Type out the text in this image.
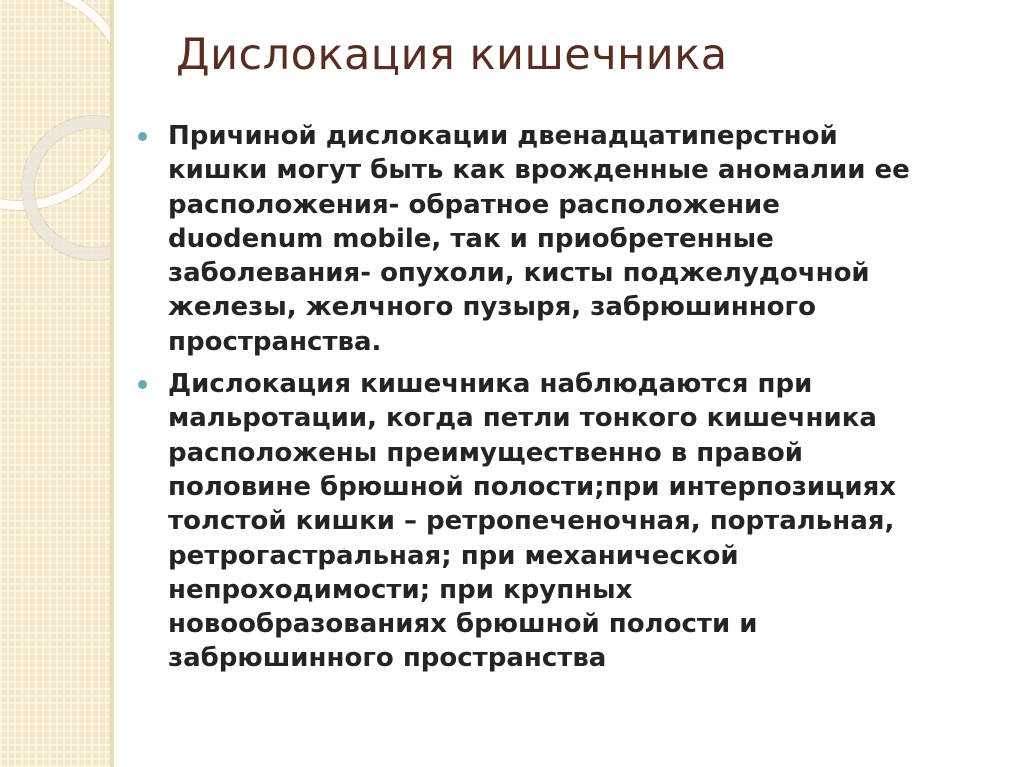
Дислокация кишечника
Причиной дислокации двенадцатиперстной
кишки могут быть как врожденные аномалии ее
расположения- обратное расположение
duodenum mobile, так и приобретенные
заболевания- опухоли, кисты поджелудочной
железы, желчного пузыря, забрюшинного
пространства.
Дислокация кишечника наблюдаются при
мальротации, когда петли тонкого кишечника
расположены преимущественно в правой
половине брюшной полости;при интерпозициях
толстой кишки – ретропеченочная, портальная,
ретрогастральная; при механической
непроходимости; при крупных
новообразованиях брюшной полости и
забрюшинного пространства
